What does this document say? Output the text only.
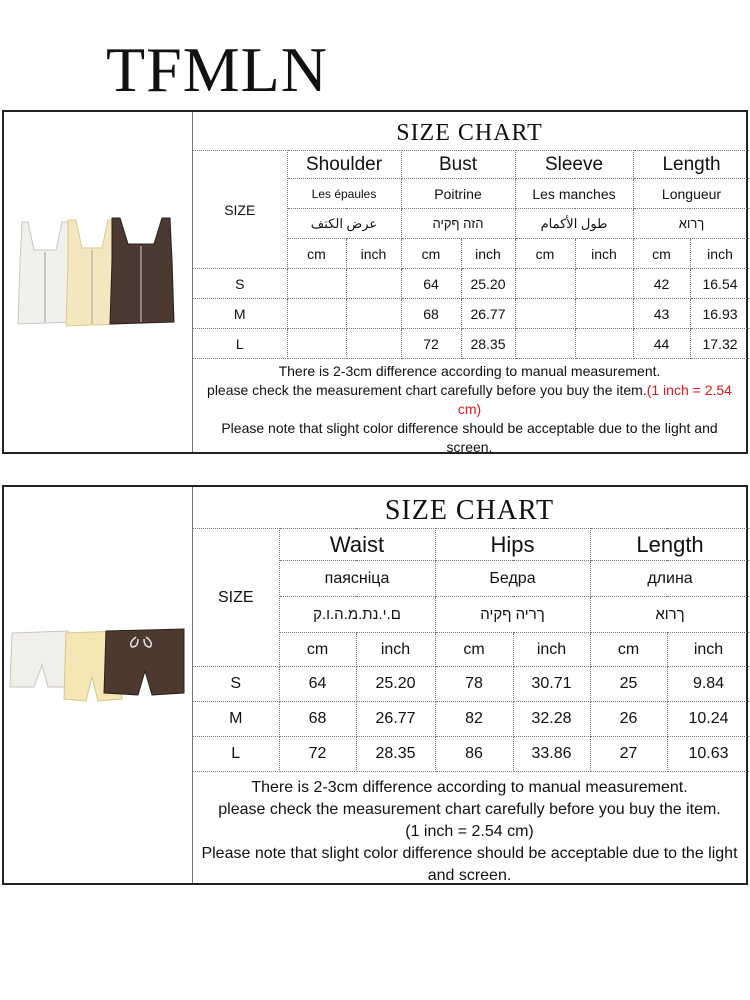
TFMLN
SIZE CHART
SIZE	Shoulder		Bust		Sleeve		Length	
	Les épaules		Poitrine		Les manches		Longueur	
	عرض الكتف		הזה ףקיה		طول الأكمام		ךרוא	
	cm	inch	cm	inch	cm	inch	cm	inch
S			64	25.20			42	16.54
M			68	26.77			43	16.93
L			72	28.35			44	17.32
There is 2-3cm difference according to manual measurement.
please check the measurement chart carefully before you buy the item.(1 inch = 2.54 cm)
Please note that slight color difference should be acceptable due to the light and screen.
SIZE CHART
SIZE	Waist		Hips		Length	
	паясніца		Бедра		длина	
	ם.י.נת.מ.ה.ו.ק		ךריה ףקיה		ךרוא	
	cm	inch	cm	inch	cm	inch
S	64	25.20	78	30.71	25	9.84
M	68	26.77	82	32.28	26	10.24
L	72	28.35	86	33.86	27	10.63
There is 2-3cm difference according to manual measurement.
please check the measurement chart carefully before you buy the item.(1 inch = 2.54 cm)
Please note that slight color difference should be acceptable due to the light and screen.
